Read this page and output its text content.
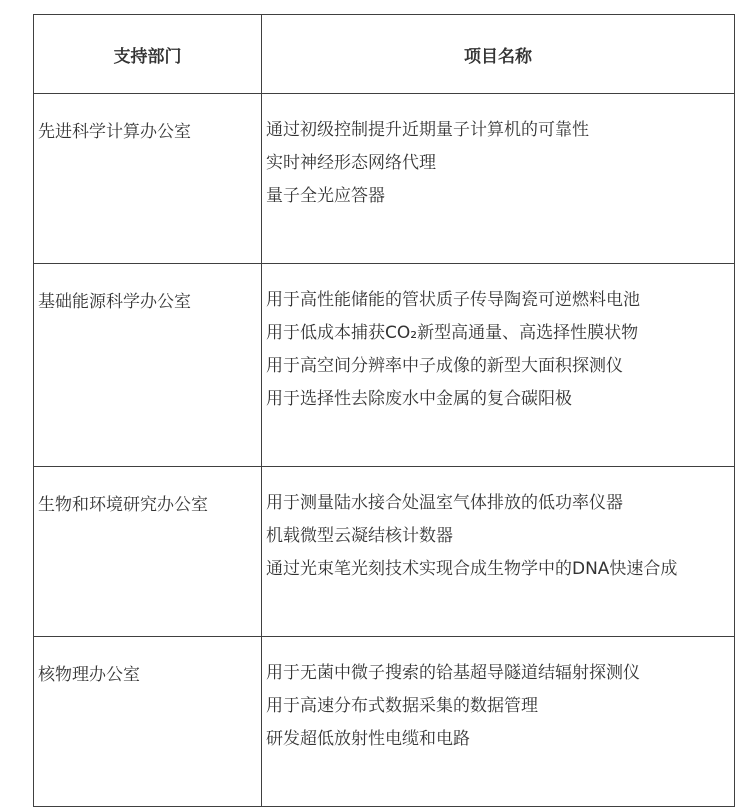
支持部门	项目名称
先进科学计算办公室	通过初级控制提升近期量子计算机的可靠性
实时神经形态网络代理
量子全光应答器

基础能源科学办公室	用于高性能储能的管状质子传导陶瓷可逆燃料电池
用于低成本捕获CO₂新型高通量、高选择性膜状物
用于高空间分辨率中子成像的新型大面积探测仪
用于选择性去除废水中金属的复合碳阳极

生物和环境研究办公室	用于测量陆水接合处温室气体排放的低功率仪器
机载微型云凝结核计数器
通过光束笔光刻技术实现合成生物学中的DNA快速合成

核物理办公室	用于无菌中微子搜索的铪基超导隧道结辐射探测仪
用于高速分布式数据采集的数据管理
研发超低放射性电缆和电路
